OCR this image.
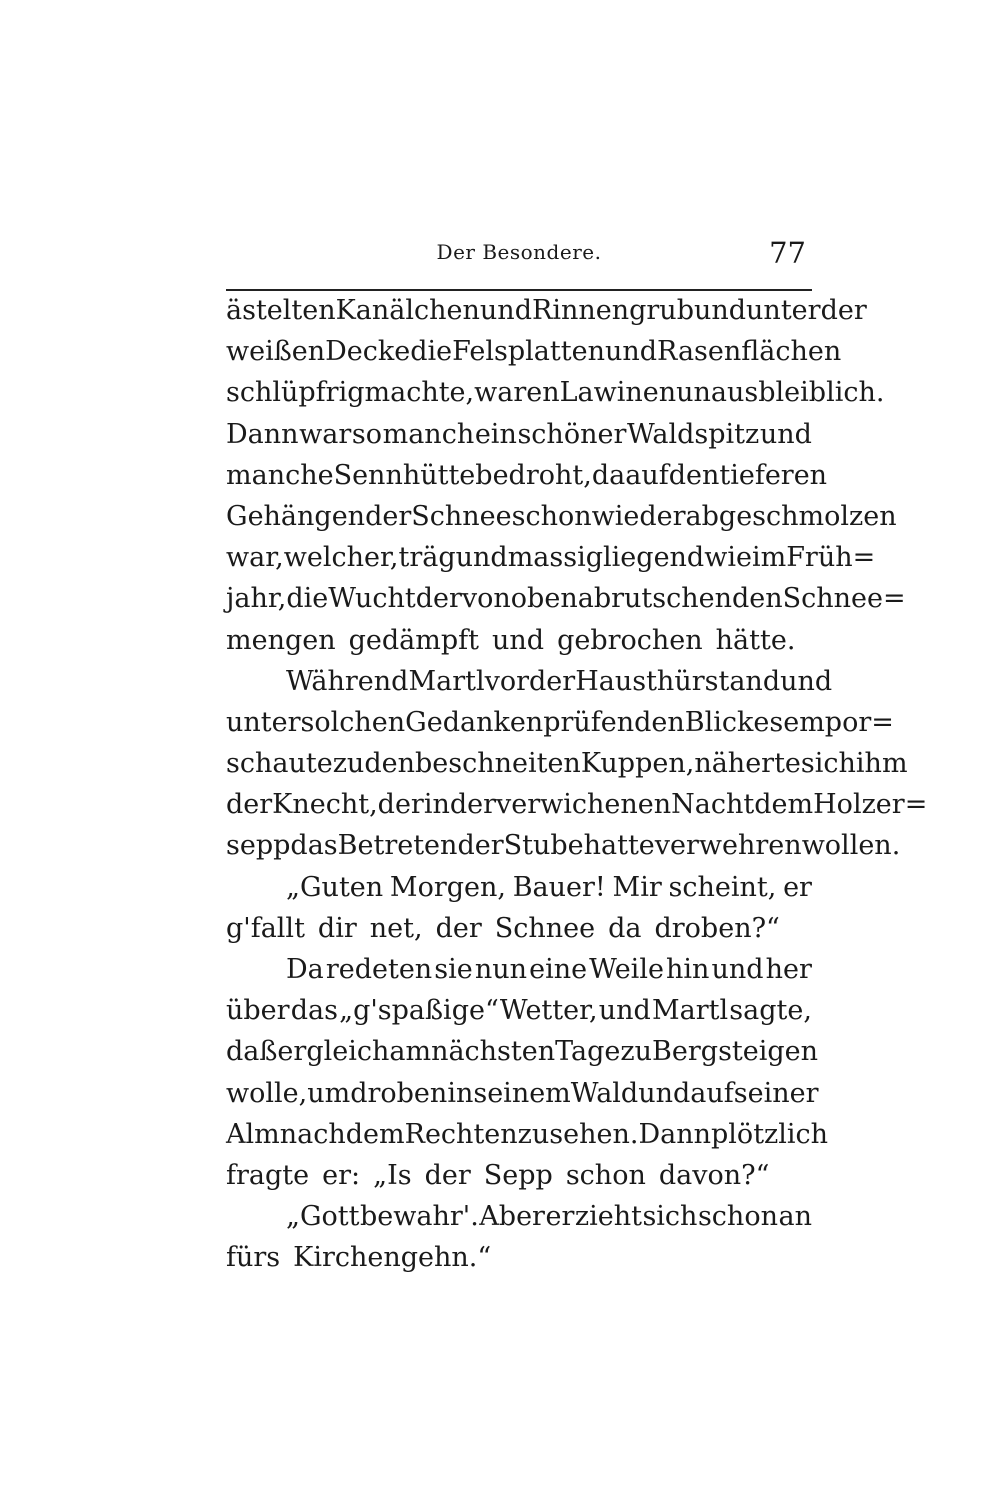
Der Besondere.	77
ästelten Kanälchen und Rinnen grub und unter der
weißen Decke die Felsplatten und Rasenflächen
schlüpfrig machte, waren Lawinen unausbleiblich.
Dann war so manch ein schöner Waldspitz und
manche Sennhütte bedroht, da auf den tieferen
Gehängen der Schnee schon wieder abgeschmolzen
war, welcher, träg und massig liegend wie im Früh=
jahr, die Wucht der von oben abrutschenden Schnee=
mengen gedämpft und gebrochen hätte.
Während Martl vor der Hausthür stand und
unter solchen Gedanken prüfenden Blickes empor=
schaute zu den beschneiten Kuppen, näherte sich ihm
der Knecht, der in der verwichenen Nacht dem Holzer=
sepp das Betreten der Stube hatte verwehren wollen.
„Guten Morgen, Bauer! Mir scheint, er
g'fallt dir net, der Schnee da droben?“
Da redeten sie nun eine Weile hin und her
über das „g'spaßige“ Wetter, und Martl sagte,
daß er gleich am nächsten Tage zu Berg steigen
wolle, um droben in seinem Wald und auf seiner
Alm nach dem Rechten zu sehen. Dann plötzlich
fragte er: „Is der Sepp schon davon?“
„Gott bewahr'. Aber er zieht sich schon an
fürs Kirchengehn.“
